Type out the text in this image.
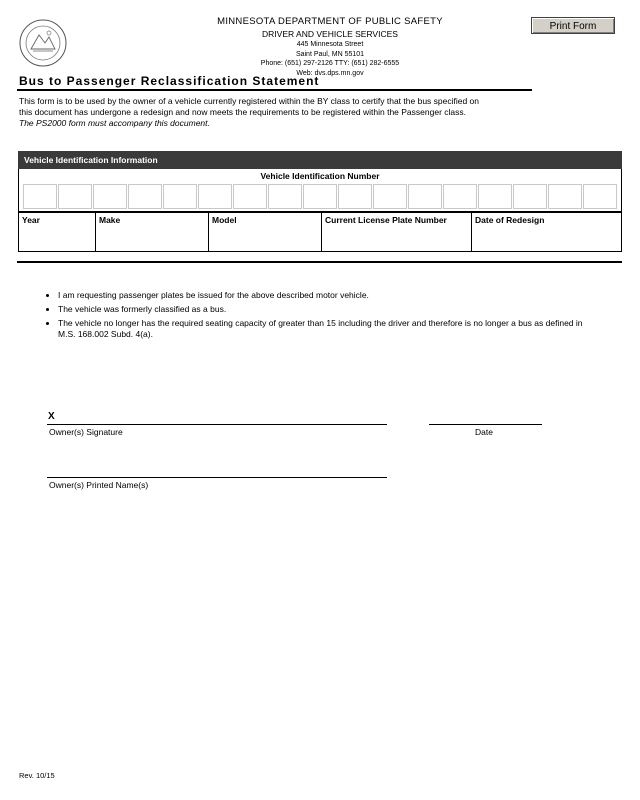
MINNESOTA DEPARTMENT OF PUBLIC SAFETY
DRIVER AND VEHICLE SERVICES
445 Minnesota Street
Saint Paul, MN 55101
Phone: (651) 297-2126 TTY: (651) 282-6555
Web: dvs.dps.mn.gov
Print Form
Bus to Passenger Reclassification Statement
This form is to be used by the owner of a vehicle currently registered within the BY class to certify that the bus specified on
this document has undergone a redesign and now meets the requirements to be registered within the Passenger class.
The PS2000 form must accompany this document.
Vehicle Identification Information
Vehicle Identification Number
Year	Make	Model	Current License Plate Number	Date of Redesign
• I am requesting passenger plates be issued for the above described motor vehicle.
• The vehicle was formerly classified as a bus.
• The vehicle no longer has the required seating capacity of greater than 15 including the driver and therefore is no longer a bus as defined in M.S. 168.002 Subd. 4(a).
X
Owner(s) Signature	Date
Owner(s) Printed Name(s)
Rev. 10/15
